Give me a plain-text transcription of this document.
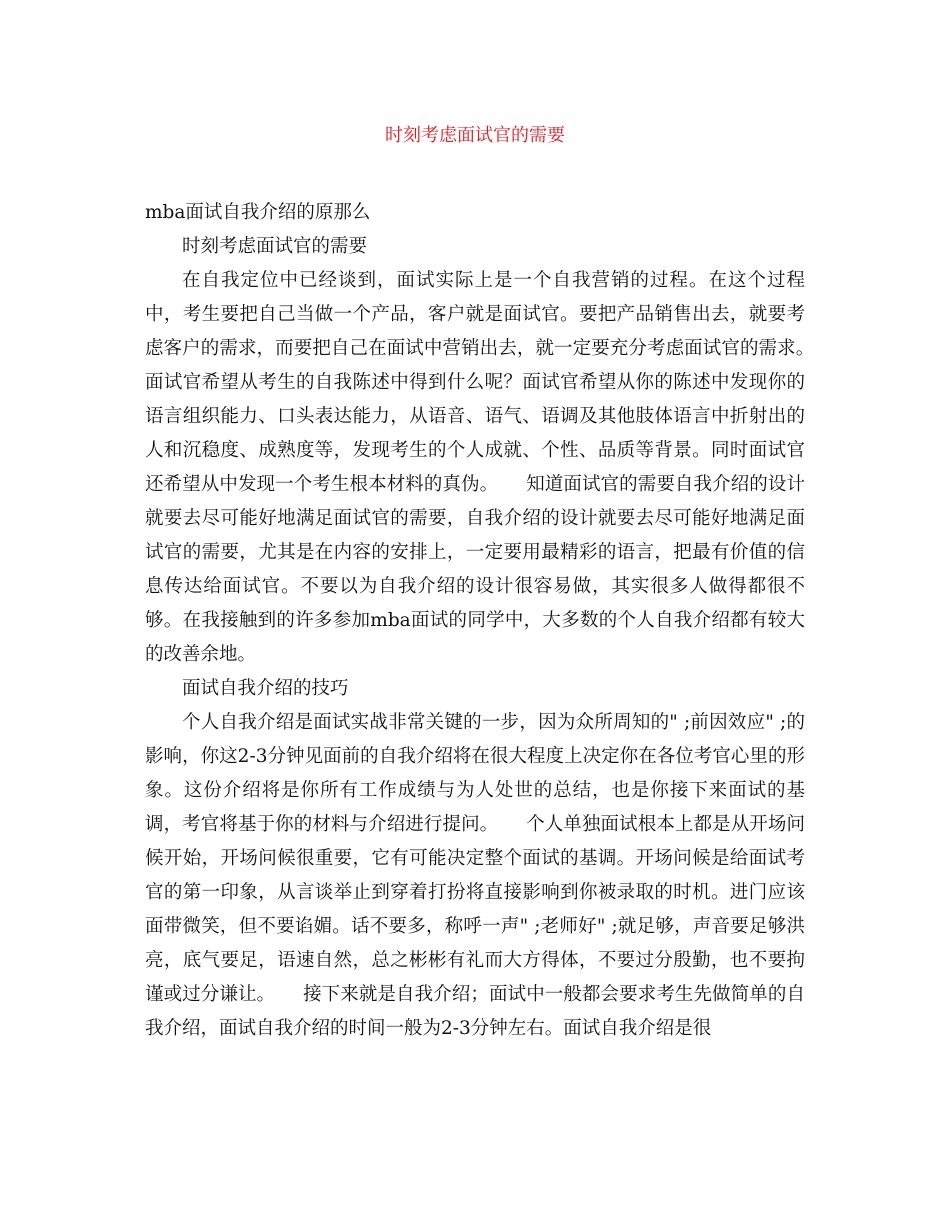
时刻考虑面试官的需要

mba面试自我介绍的原那么

时刻考虑面试官的需要

在自我定位中已经谈到，面试实际上是一个自我营销的过程。在这个过程中，考生要把自己当做一个产品，客户就是面试官。要把产品销售出去，就要考虑客户的需求，而要把自己在面试中营销出去，就一定要充分考虑面试官的需求。　　面试官希望从考生的自我陈述中得到什么呢？面试官希望从你的陈述中发现你的语言组织能力、口头表达能力，从语音、语气、语调及其他肢体语言中折射出的人和沉稳度、成熟度等，发现考生的个人成就、个性、品质等背景。同时面试官还希望从中发现一个考生根本材料的真伪。　　知道面试官的需要自我介绍的设计就要去尽可能好地满足面试官的需要，自我介绍的设计就要去尽可能好地满足面试官的需要，尤其是在内容的安排上，一定要用最精彩的语言，把最有价值的信息传达给面试官。不要以为自我介绍的设计很容易做，其实很多人做得都很不够。在我接触到的许多参加mba面试的同学中，大多数的个人自我介绍都有较大的改善余地。

面试自我介绍的技巧

个人自我介绍是面试实战非常关键的一步，因为众所周知的" ;前因效应" ;的影响，你这2-3分钟见面前的自我介绍将在很大程度上决定你在各位考官心里的形象。这份介绍将是你所有工作成绩与为人处世的总结，也是你接下来面试的基调，考官将基于你的材料与介绍进行提问。　　个人单独面试根本上都是从开场问候开始，开场问候很重要，它有可能决定整个面试的基调。开场问候是给面试考官的第一印象，从言谈举止到穿着打扮将直接影响到你被录取的时机。进门应该面带微笑，但不要谄媚。话不要多，称呼一声" ;老师好" ;就足够，声音要足够洪亮，底气要足，语速自然，总之彬彬有礼而大方得体，不要过分殷勤，也不要拘谨或过分谦让。　　接下来就是自我介绍；面试中一般都会要求考生先做简单的自我介绍，面试自我介绍的时间一般为2-3分钟左右。面试自我介绍是很
